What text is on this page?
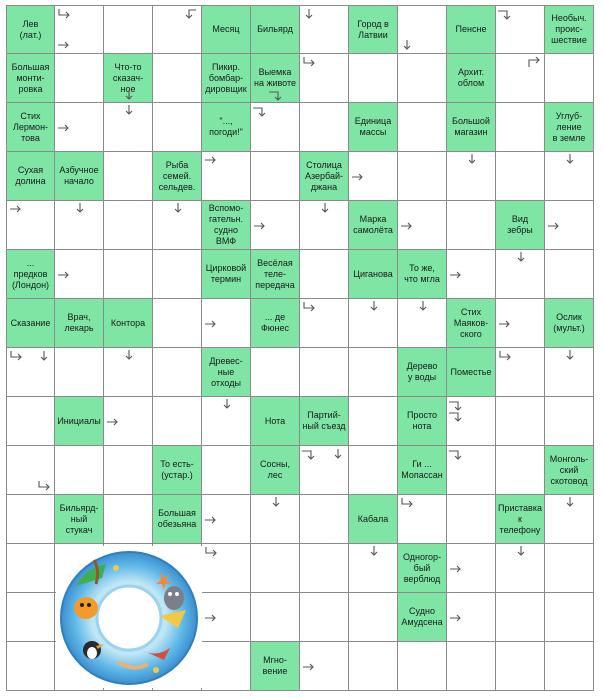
Лев
(лат.)
Месяц Бильярд
Город в
Латвии
Пенсне
Необыч.
проис-
шествие
Большая
монти-
ровка
Что-то
сказач-
ное
Пикир.
бомбар-
дировщик
Выемка
на животе
Архит.
облом
Стих
Лермон-
това
"...,
погоди!"
Единица
массы
Большой
магазин
Углуб-
ление
в земле
Сухая
долина
Азбучное
начало
Рыба
семей.
сельдев.
Столица
Азербай-
джана
Вспомо-
гательн.
судно
ВМФ
Марка
самолёта
Вид
зебры
...
предков
(Лондон)
Цирковой
термин
Весёлая
теле-
передача
Циганова
То же,
что мгла
Сказание
Врач,
лекарь
Контора
... де
Фюнес
Стих
Маяков-
ского
Ослик
(мульт.)
Древес-
ные
отходы
Дерево
у воды
Поместье
Инициалы	Нота
Партий-
ный съезд
Просто
нота
То есть-
(устар.)
Сосны,
лес
Ги ...
Мопассан
Монголь-
ский
скотовод
Бильярд-
ный
стукач
Большая
обезьяна
Кабала
Приставка
к
телефону
Одногор-
бый
верблюд
Судно
Амудсена
Мгно-
вение
